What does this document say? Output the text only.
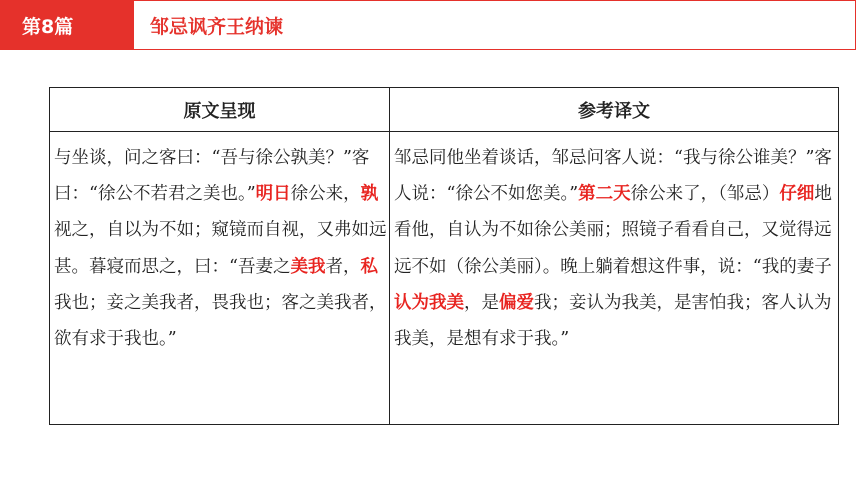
第8篇	邹忌讽齐王纳谏
原文呈现	参考译文

与坐谈，问之客曰：“吾与徐公孰美？”客曰：“徐公不若君之美也。”明日徐公来，孰视之，自以为不如；窥镜而自视，又弗如远甚。暮寝而思之，曰：“吾妻之美我者，私我也；妾之美我者，畏我也；客之美我者，欲有求于我也。”	邹忌同他坐着谈话，邹忌问客人说：“我与徐公谁美？”客人说：“徐公不如您美。”第二天徐公来了，（邹忌）仔细地看他，自认为不如徐公美丽；照镜子看看自己，又觉得远远不如（徐公美丽）。晚上躺着想这件事，说：“我的妻子认为我美，是偏爱我；妾认为我美，是害怕我；客人认为我美，是想有求于我。”
